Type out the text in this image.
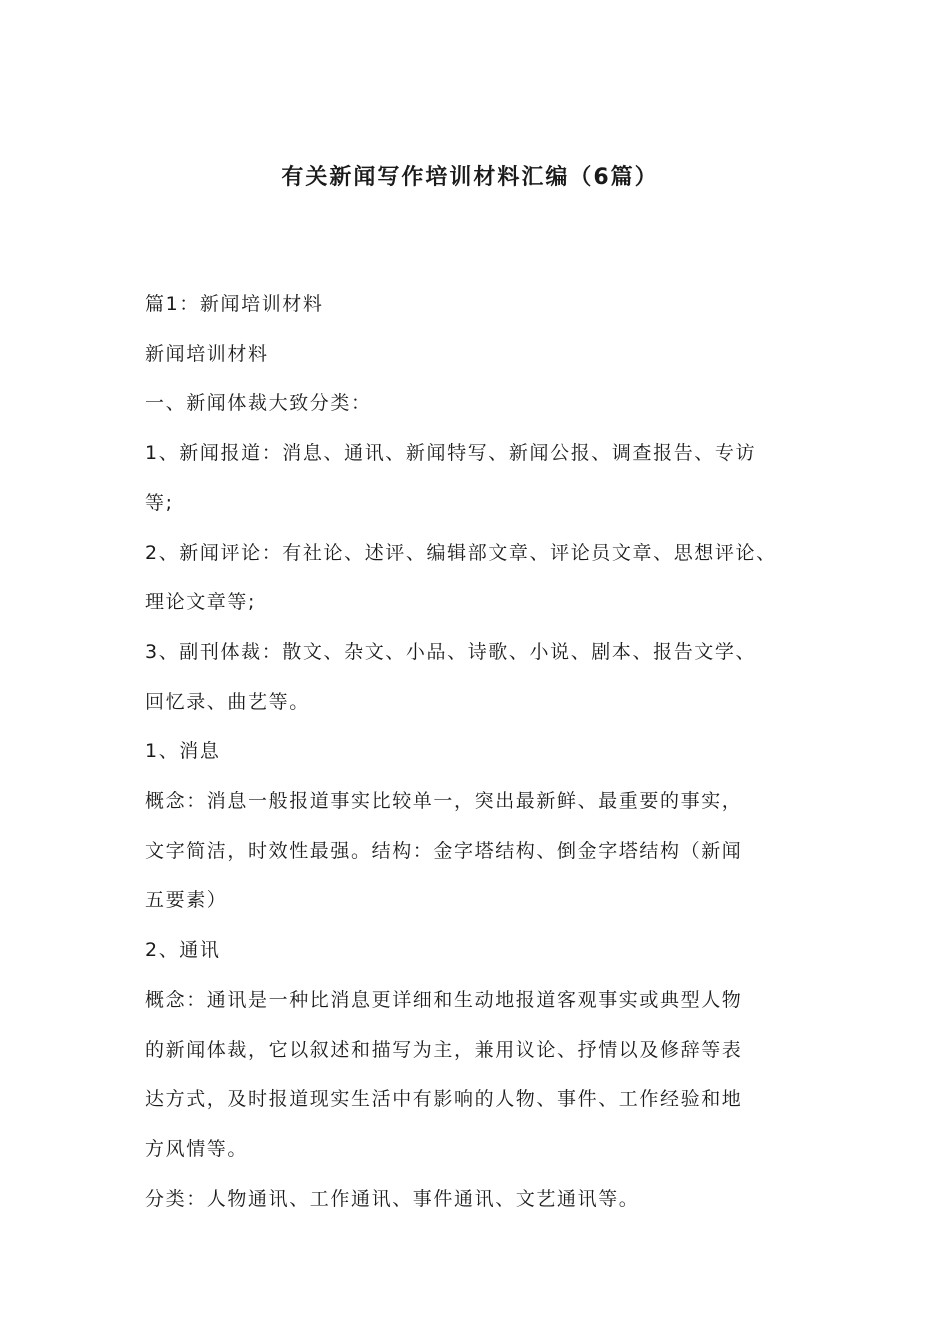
有关新闻写作培训材料汇编（6篇）

篇1：新闻培训材料

新闻培训材料

一、新闻体裁大致分类：

1、新闻报道：消息、通讯、新闻特写、新闻公报、调查报告、专访
等;

2、新闻评论：有社论、述评、编辑部文章、评论员文章、思想评论、
理论文章等;

3、副刊体裁：散文、杂文、小品、诗歌、小说、剧本、报告文学、
回忆录、曲艺等。

1、消息

概念：消息一般报道事实比较单一，突出最新鲜、最重要的事实，
文字简洁，时效性最强。结构：金字塔结构、倒金字塔结构（新闻
五要素）

2、通讯

概念：通讯是一种比消息更详细和生动地报道客观事实或典型人物
的新闻体裁，它以叙述和描写为主，兼用议论、抒情以及修辞等表
达方式，及时报道现实生活中有影响的人物、事件、工作经验和地
方风情等。

分类：人物通讯、工作通讯、事件通讯、文艺通讯等。
